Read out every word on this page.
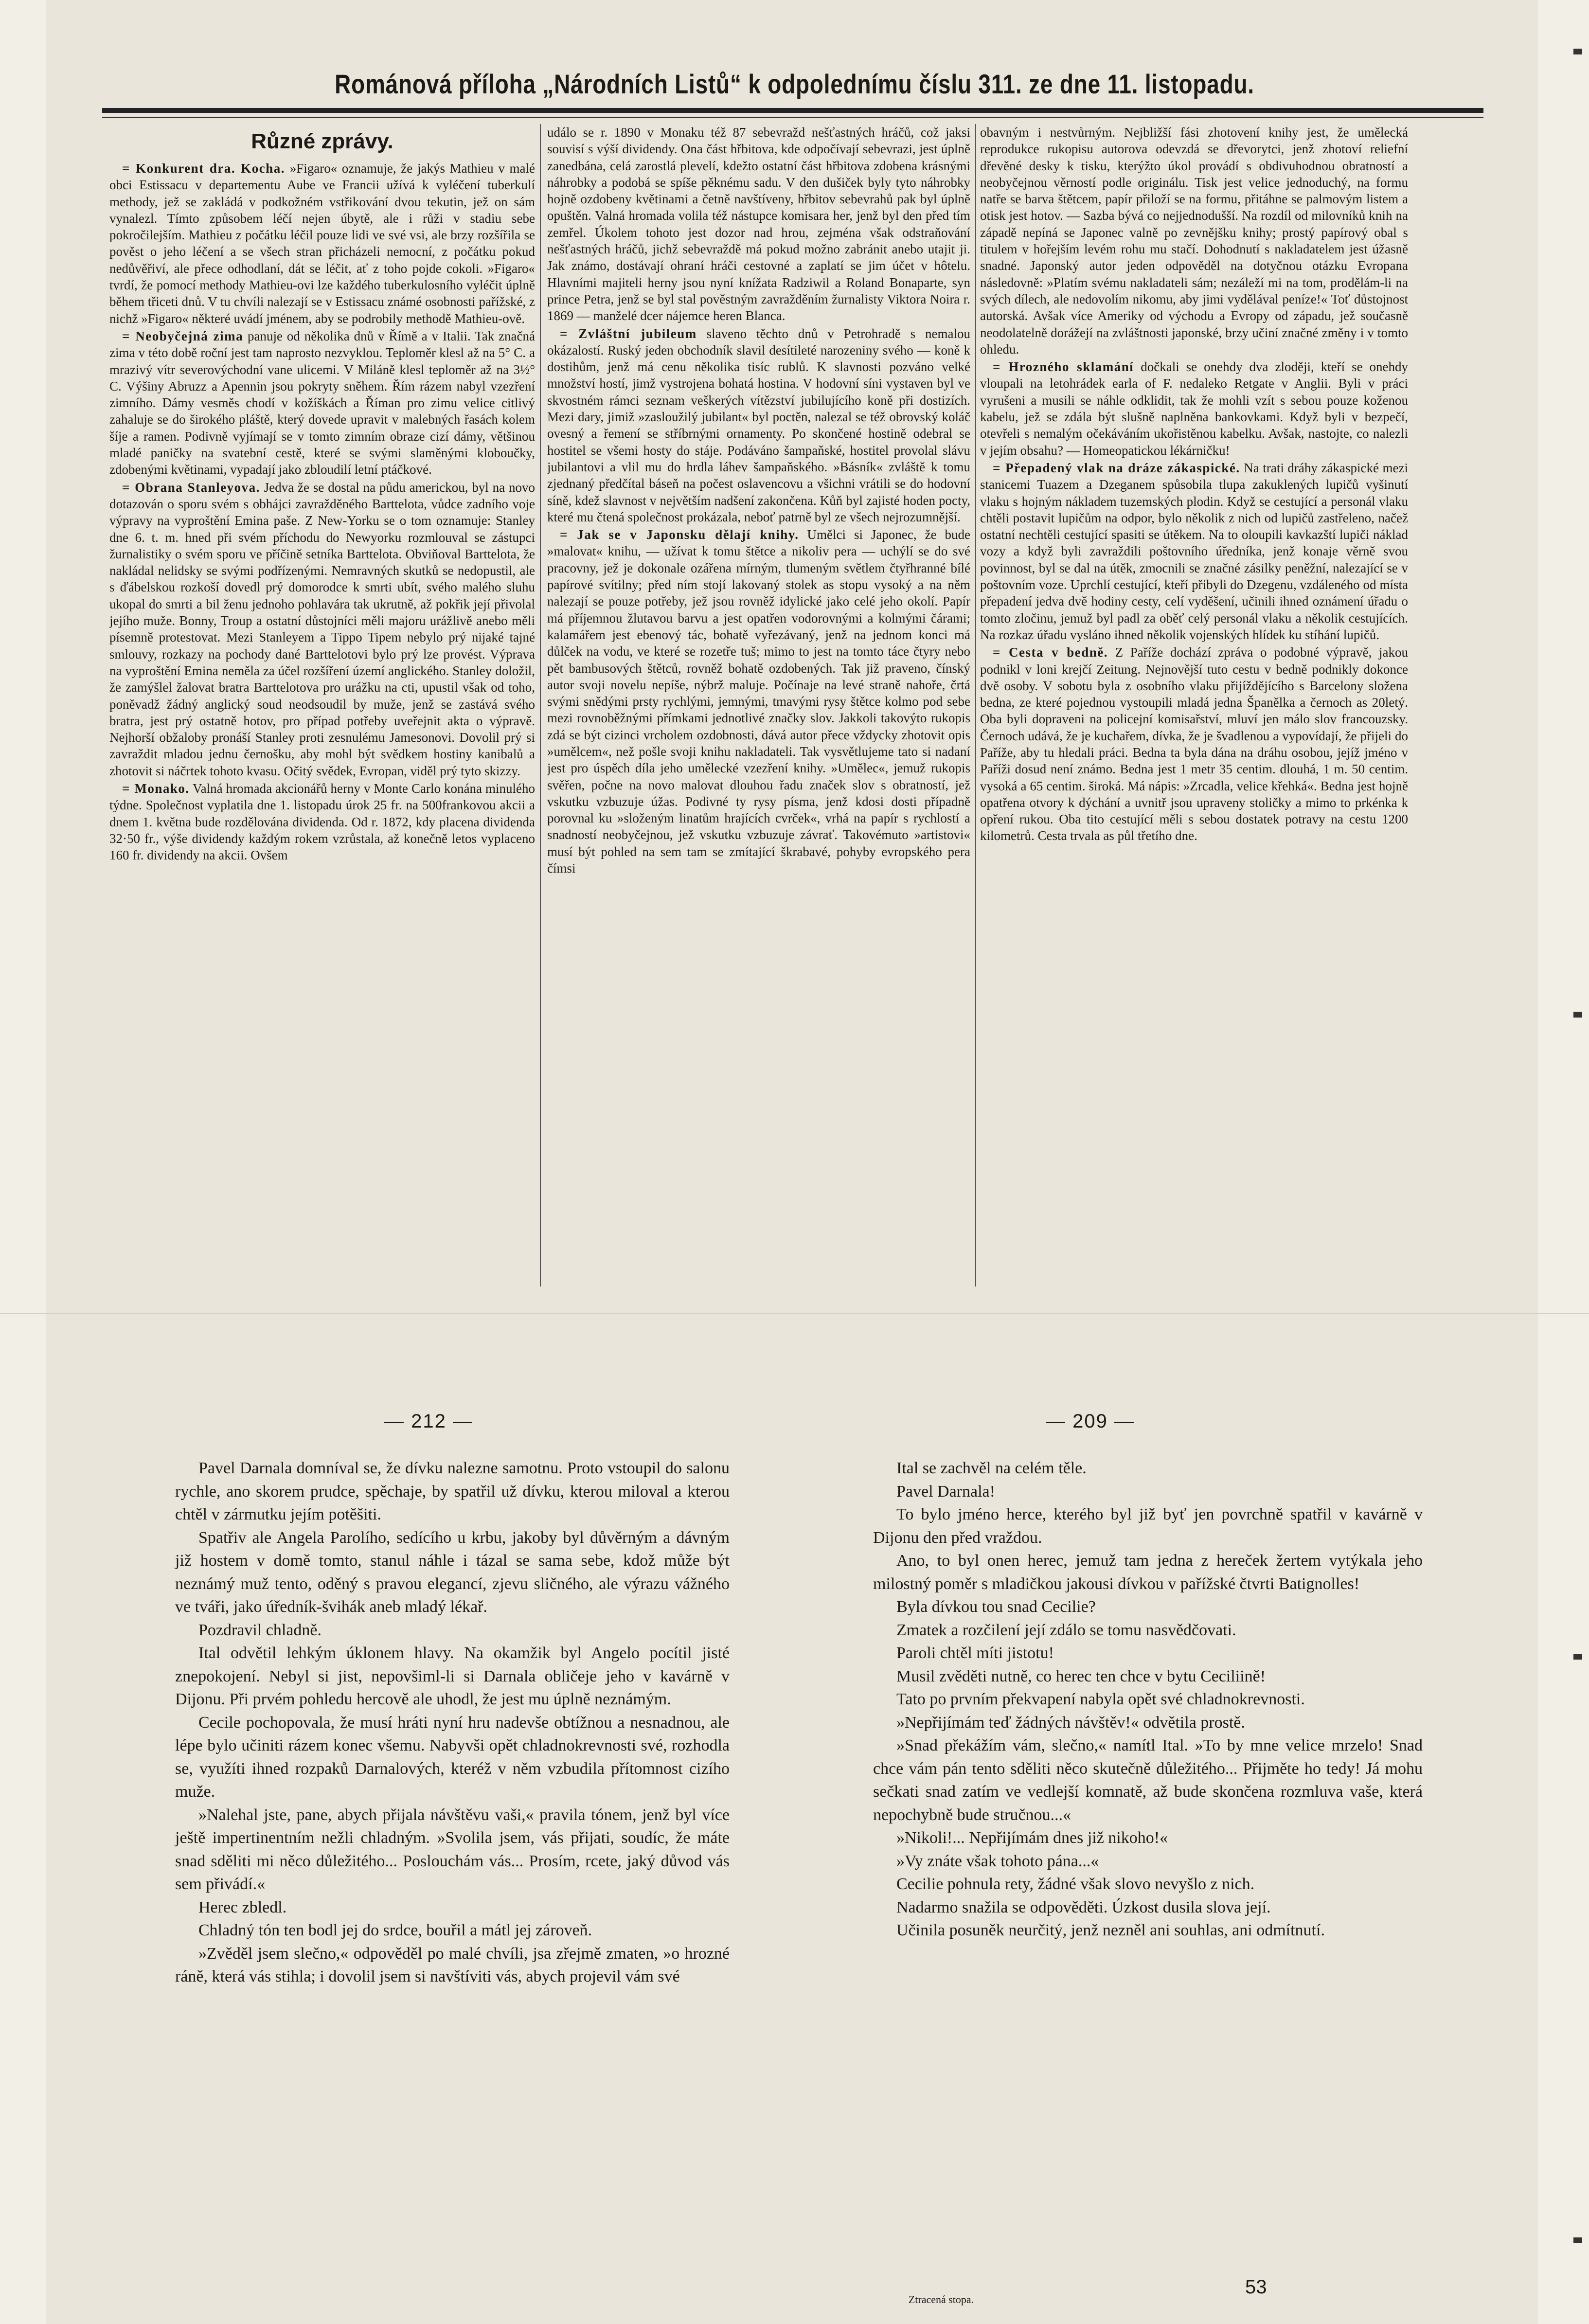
Románová příloha „Národních Listů“ k odpolednímu číslu 311. ze dne 11. listopadu.
Různé zprávy.

= Konkurent dra. Kocha. »Figaro« oznamuje, že jakýs Mathieu v malé obci Estissacu v departementu Aube ve Francii užívá k vyléčení tuberkulí methody, jež se zakládá v podkožném vstřikování dvou tekutin, jež on sám vynalezl. Tímto způsobem léčí nejen úbytě, ale i růži v stadiu sebe pokročilejším. Mathieu z počátku léčil pouze lidi ve své vsi, ale brzy rozšířila se pověst o jeho léčení a se všech stran přicházeli nemocní, z počátku pokud nedůvěřiví, ale přece odhodlaní, dát se léčit, ať z toho pojde cokoli. »Figaro« tvrdí, že pomocí methody Mathieu-ovi lze každého tuberkulosního vyléčit úplně během třiceti dnů. V tu chvíli nalezají se v Estissacu známé osobnosti pařížské, z nichž »Figaro« některé uvádí jménem, aby se podrobily methodě Mathieu-ově.

= Neobyčejná zima panuje od několika dnů v Římě a v Italii. Tak značná zima v této době roční jest tam naprosto nezvyklou. Teploměr klesl až na 5° C. a mrazivý vítr severovýchodní vane ulicemi. V Miláně klesl teploměr až na 3½° C. Výšiny Abruzz a Apennin jsou pokryty sněhem. Řím rázem nabyl vzezření zimního. Dámy vesměs chodí v kožíškách a Říman pro zimu velice citlivý zahaluje se do širokého pláště, který dovede upravit v malebných řasách kolem šíje a ramen. Podivně vyjímají se v tomto zimním obraze cizí dámy, většinou mladé paničky na svatební cestě, které se svými slaměnými kloboučky, zdobenými květinami, vypadají jako zbloudilí letní ptáčkové.

= Obrana Stanleyova. Jedva že se dostal na půdu americkou, byl na novo dotazován o sporu svém s obhájci zavražděného Barttelota, vůdce zadního voje výpravy na vyproštění Emina paše. Z New-Yorku se o tom oznamuje: Stanley dne 6. t. m. hned při svém příchodu do Newyorku rozmlouval se zástupci žurnalistiky o svém sporu ve příčině setníka Barttelota. Obviňoval Barttelota, že nakládal nelidsky se svými podřízenými. Nemravných skutků se nedopustil, ale s ďábelskou rozkoší dovedl prý domorodce k smrti ubít, svého malého sluhu ukopal do smrti a bil ženu jednoho pohlavára tak ukrutně, až pokřik její přivolal jejího muže. Bonny, Troup a ostatní důstojníci měli majoru urážlivě anebo měli písemně protestovat. Mezi Stanleyem a Tippo Tipem nebylo prý nijaké tajné smlouvy, rozkazy na pochody dané Barttelotovi bylo prý lze provést. Výprava na vyproštění Emina neměla za účel rozšíření území anglického. Stanley doložil, že zamýšlel žalovat bratra Barttelotova pro urážku na cti, upustil však od toho, poněvadž žádný anglický soud neodsoudil by muže, jenž se zastává svého bratra, jest prý ostatně hotov, pro případ potřeby uveřejnit akta o výpravě. Nejhorší obžaloby pronáší Stanley proti zesnulému Jamesonovi. Dovolil prý si zavraždit mladou jednu černošku, aby mohl být svědkem hostiny kanibalů a zhotovit si náčrtek tohoto kvasu. Očitý svědek, Evropan, viděl prý tyto skizzy.

= Monako. Valná hromada akcionářů herny v Monte Carlo konána minulého týdne. Společnost vyplatila dne 1. listopadu úrok 25 fr. na 500frankovou akcii a dnem 1. května bude rozdělována dividenda. Od r. 1872, kdy placena dividenda 32·50 fr., výše dividendy každým rokem vzrůstala, až konečně letos vyplaceno 160 fr. dividendy na akcii. Ovšem

událo se r. 1890 v Monaku též 87 sebevražd nešťastných hráčů, což jaksi souvisí s výší dividendy. Ona část hřbitova, kde odpočívají sebevrazi, jest úplně zanedbána, celá zarostlá plevelí, kdežto ostatní část hřbitova zdobena krásnými náhrobky a podobá se spíše pěknému sadu. V den dušiček byly tyto náhrobky hojně ozdobeny květinami a četně navštíveny, hřbitov sebevrahů pak byl úplně opuštěn. Valná hromada volila též nástupce komisara her, jenž byl den před tím zemřel. Úkolem tohoto jest dozor nad hrou, zejména však odstraňování nešťastných hráčů, jichž sebevraždě má pokud možno zabránit anebo utajit ji. Jak známo, dostávají ohraní hráči cestovné a zaplatí se jim účet v hôtelu. Hlavními majiteli herny jsou nyní knížata Radziwil a Roland Bonaparte, syn prince Petra, jenž se byl stal pověstným zavražděním žurnalisty Viktora Noira r. 1869 — manželé dcer nájemce heren Blanca.

= Zvláštní jubileum slaveno těchto dnů v Petrohradě s nemalou okázalostí. Ruský jeden obchodník slavil desítileté narozeniny svého — koně k dostihům, jenž má cenu několika tisíc rublů. K slavnosti pozváno velké množství hostí, jimž vystrojena bohatá hostina. V hodovní síni vystaven byl ve skvostném rámci seznam veškerých vítězství jubilujícího koně při dostizích. Mezi dary, jimiž »zasloužilý jubilant« byl poctěn, nalezal se též obrovský koláč ovesný a řemení se stříbrnými ornamenty. Po skončené hostině odebral se hostitel se všemi hosty do stáje. Podáváno šampaňské, hostitel provolal slávu jubilantovi a vlil mu do hrdla láhev šampaňského. »Básník« zvláště k tomu zjednaný předčítal báseň na počest oslavencovu a všichni vrátili se do hodovní síně, kdež slavnost v největším nadšení zakončena. Kůň byl zajisté hoden pocty, které mu čtená společnost prokázala, neboť patrně byl ze všech nejrozumnější.

= Jak se v Japonsku dělají knihy. Umělci si Japonec, že bude »malovat« knihu, — užívat k tomu štětce a nikoliv pera — uchýlí se do své pracovny, jež je dokonale ozářena mírným, tlumeným světlem čtyřhranné bílé papírové svítilny; před ním stojí lakovaný stolek as stopu vysoký a na něm nalezají se pouze potřeby, jež jsou rovněž idylické jako celé jeho okolí. Papír má příjemnou žlutavou barvu a jest opatřen vodorovnými a kolmými čárami; kalamářem jest ebenový tác, bohatě vyřezávaný, jenž na jednom konci má důlček na vodu, ve které se rozetře tuš; mimo to jest na tomto táce čtyry nebo pět bambusových štětců, rovněž bohatě ozdobených. Tak již praveno, čínský autor svoji novelu nepíše, nýbrž maluje. Počínaje na levé straně nahoře, črtá svými snědými prsty rychlými, jemnými, tmavými rysy štětce kolmo pod sebe mezi rovnoběžnými přímkami jednotlivé značky slov. Jakkoli takovýto rukopis zdá se být cizinci vrcholem ozdobnosti, dává autor přece vždycky zhotovit opis »umělcem«, než pošle svoji knihu nakladateli. Tak vysvětlujeme tato si nadaní jest pro úspěch díla jeho umělecké vzezření knihy. »Umělec«, jemuž rukopis svěřen, počne na novo malovat dlouhou řadu značek slov s obratností, jež vskutku vzbuzuje úžas. Podivné ty rysy písma, jenž kdosi dosti případně porovnal ku »složeným linatům hrajících cvrček«, vrhá na papír s rychlostí a snadností neobyčejnou, jež vskutku vzbuzuje závrať. Takovémuto »artistovi« musí být pohled na sem tam se zmítající škrabavé, pohyby evropského pera čímsi

obavným i nestvůrným. Nejbližší fási zhotovení knihy jest, že umělecká reprodukce rukopisu autorova odevzdá se dřevorytci, jenž zhotoví reliefní dřevěné desky k tisku, kterýžto úkol provádí s obdivuhodnou obratností a neobyčejnou věrností podle originálu. Tisk jest velice jednoduchý, na formu natře se barva štětcem, papír přiloží se na formu, přitáhne se palmovým listem a otisk jest hotov. — Sazba bývá co nejjednodušší. Na rozdíl od milovníků knih na západě nepíná se Japonec valně po zevnějšku knihy; prostý papírový obal s titulem v hořejším levém rohu mu stačí. Dohodnutí s nakladatelem jest úžasně snadné. Japonský autor jeden odpověděl na dotyčnou otázku Evropana následovně: »Platím svému nakladateli sám; nezáleží mi na tom, prodělám-li na svých dílech, ale nedovolím nikomu, aby jimi vydělával peníze!« Toť důstojnost autorská. Avšak více Ameriky od východu a Evropy od západu, jež současně neodolatelně dorážejí na zvláštnosti japonské, brzy učiní značné změny i v tomto ohledu.

= Hrozného sklamání dočkali se onehdy dva zloději, kteří se onehdy vloupali na letohrádek earla of F. nedaleko Retgate v Anglii. Byli v práci vyrušeni a musili se náhle odklidit, tak že mohli vzít s sebou pouze koženou kabelu, jež se zdála být slušně naplněna bankovkami. Když byli v bezpečí, otevřeli s nemalým očekáváním ukořistěnou kabelku. Avšak, nastojte, co nalezli v jejím obsahu? — Homeopatickou lékárničku!

= Přepadený vlak na dráze zákaspické. Na trati dráhy zákaspické mezi stanicemi Tuazem a Dzeganem spůsobila tlupa zakuklených lupičů vyšinutí vlaku s hojným nákladem tuzemských plodin. Když se cestující a personál vlaku chtěli postavit lupičům na odpor, bylo několik z nich od lupičů zastřeleno, načež ostatní nechtěli cestující spasiti se útěkem. Na to oloupili kavkazští lupiči náklad vozy a když byli zavraždili poštovního úředníka, jenž konaje věrně svou povinnost, byl se dal na útěk, zmocnili se značné zásilky peněžní, nalezající se v poštovním voze. Uprchlí cestující, kteří přibyli do Dzegenu, vzdáleného od místa přepadení jedva dvě hodiny cesty, celí vyděšení, učinili ihned oznámení úřadu o tomto zločinu, jemuž byl padl za oběť celý personál vlaku a několik cestujících. Na rozkaz úřadu vysláno ihned několik vojenských hlídek ku stíhání lupičů.

= Cesta v bedně. Z Paříže dochází zpráva o podobné výpravě, jakou podnikl v loni krejčí Zeitung. Nejnovější tuto cestu v bedně podnikly dokonce dvě osoby. V sobotu byla z osobního vlaku přijíždějícího s Barcelony složena bedna, ze které pojednou vystoupili mladá jedna Španělka a černoch as 20letý. Oba byli dopraveni na policejní komisařství, mluví jen málo slov francouzsky. Černoch udává, že je kuchařem, dívka, že je švadlenou a vypovídají, že přijeli do Paříže, aby tu hledali práci. Bedna ta byla dána na dráhu osobou, jejíž jméno v Paříži dosud není známo. Bedna jest 1 metr 35 centim. dlouhá, 1 m. 50 centim. vysoká a 65 centim. široká. Má nápis: »Zrcadla, velice křehká«. Bedna jest hojně opatřena otvory k dýchání a uvnitř jsou upraveny stoličky a mimo to prkénka k opření rukou. Oba tito cestující měli s sebou dostatek potravy na cestu 1200 kilometrů. Cesta trvala as půl třetího dne.

— 212 —	— 209 —

Pavel Darnala domníval se, že dívku nalezne samotnu. Proto vstoupil do salonu rychle, ano skorem prudce, spěchaje, by spatřil už dívku, kterou miloval a kterou chtěl v zármutku jejím potěšiti.

Spatřiv ale Angela Parolího, sedícího u krbu, jakoby byl důvěrným a dávným již hostem v domě tomto, stanul náhle i tázal se sama sebe, kdož může být neznámý muž tento, oděný s pravou elegancí, zjevu sličného, ale výrazu vážného ve tváři, jako úředník-švihák aneb mladý lékař.

Pozdravil chladně.

Ital odvětil lehkým úklonem hlavy. Na okamžik byl Angelo pocítil jisté znepokojení. Nebyl si jist, nepovšiml-li si Darnala obličeje jeho v kavárně v Dijonu. Při prvém pohledu hercově ale uhodl, že jest mu úplně neznámým.

Cecile pochopovala, že musí hráti nyní hru nadevše obtížnou a nesnadnou, ale lépe bylo učiniti rázem konec všemu. Nabyvši opět chladnokrevnosti své, rozhodla se, využíti ihned rozpaků Darnalových, kteréž v něm vzbudila přítomnost cizího muže.

»Nalehal jste, pane, abych přijala návštěvu vaši,« pravila tónem, jenž byl více ještě impertinentním nežli chladným. »Svolila jsem, vás přijati, soudíc, že máte snad sděliti mi něco důležitého... Poslouchám vás... Prosím, rcete, jaký důvod vás sem přivádí.«

Herec zbledl.

Chladný tón ten bodl jej do srdce, bouřil a mátl jej zároveň.

»Zvěděl jsem slečno,« odpověděl po malé chvíli, jsa zřejmě zmaten, »o hrozné ráně, která vás stihla; i dovolil jsem si navštíviti vás, abych projevil vám své

Ital se zachvěl na celém těle.

Pavel Darnala!

To bylo jméno herce, kterého byl již byť jen povrchně spatřil v kavárně v Dijonu den před vraždou.

Ano, to byl onen herec, jemuž tam jedna z hereček žertem vytýkala jeho milostný poměr s mladičkou jakousi dívkou v pařížské čtvrti Batignolles!

Byla dívkou tou snad Cecilie?

Zmatek a rozčilení její zdálo se tomu nasvědčovati.

Paroli chtěl míti jistotu!

Musil zvěděti nutně, co herec ten chce v bytu Ceciliině!

Tato po prvním překvapení nabyla opět své chladnokrevnosti.

»Nepřijímám teď žádných návštěv!« odvětila prostě.

»Snad překážím vám, slečno,« namítl Ital. »To by mne velice mrzelo! Snad chce vám pán tento sděliti něco skutečně důležitého... Přijměte ho tedy! Já mohu sečkati snad zatím ve vedlejší komnatě, až bude skončena rozmluva vaše, která nepochybně bude stručnou...«

»Nikoli!... Nepřijímám dnes již nikoho!«

»Vy znáte však tohoto pána...«

Cecilie pohnula rety, žádné však slovo nevyšlo z nich.

Nadarmo snažila se odpověděti. Úzkost dusila slova její.

Učinila posuněk neurčitý, jenž nezněl ani souhlas, ani odmítnutí.

Ztracená stopa.
53
